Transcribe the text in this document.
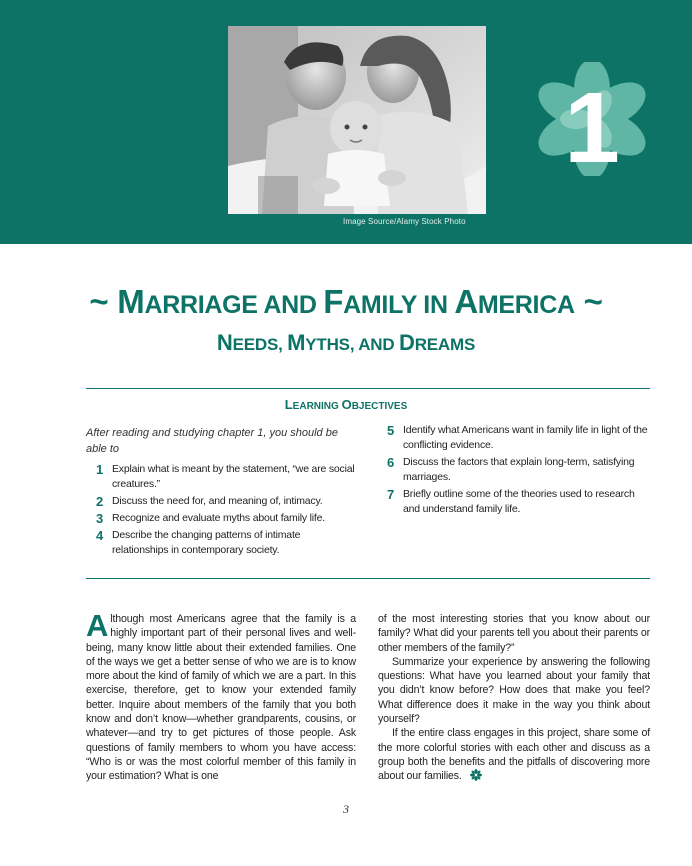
Image Source/Alamy Stock Photo
1
~ MARRIAGE AND FAMILY IN AMERICA ~
NEEDS, MYTHS, AND DREAMS
LEARNING OBJECTIVES
After reading and studying chapter 1, you should be able to
1 Explain what is meant by the statement, “we are social creatures.”
2 Discuss the need for, and meaning of, intimacy.
3 Recognize and evaluate myths about family life.
4 Describe the changing patterns of intimate relationships in contemporary society.
5 Identify what Americans want in family life in light of the conflicting evidence.
6 Discuss the factors that explain long-term, satisfying marriages.
7 Briefly outline some of the theories used to research and understand family life.

Although most Americans agree that the family is a highly important part of their personal lives and well-being, many know little about their extended families. One of the ways we get a better sense of who we are is to know more about the kind of family of which we are a part. In this exercise, therefore, get to know your extended family better. Inquire about members of the family that you both know and don’t know—whether grandparents, cousins, or whatever—and try to get pictures of those people. Ask questions of family members to whom you have access: “Who is or was the most colorful member of this family in your estimation? What is one

of the most interesting stories that you know about our family? What did your parents tell you about their parents or other members of the family?”

Summarize your experience by answering the following questions: What have you learned about your family that you didn’t know before? How does that make you feel? What difference does it make in the way you think about yourself?

If the entire class engages in this project, share some of the more colorful stories with each other and discuss as a group both the benefits and the pitfalls of discovering more about our families.

3
